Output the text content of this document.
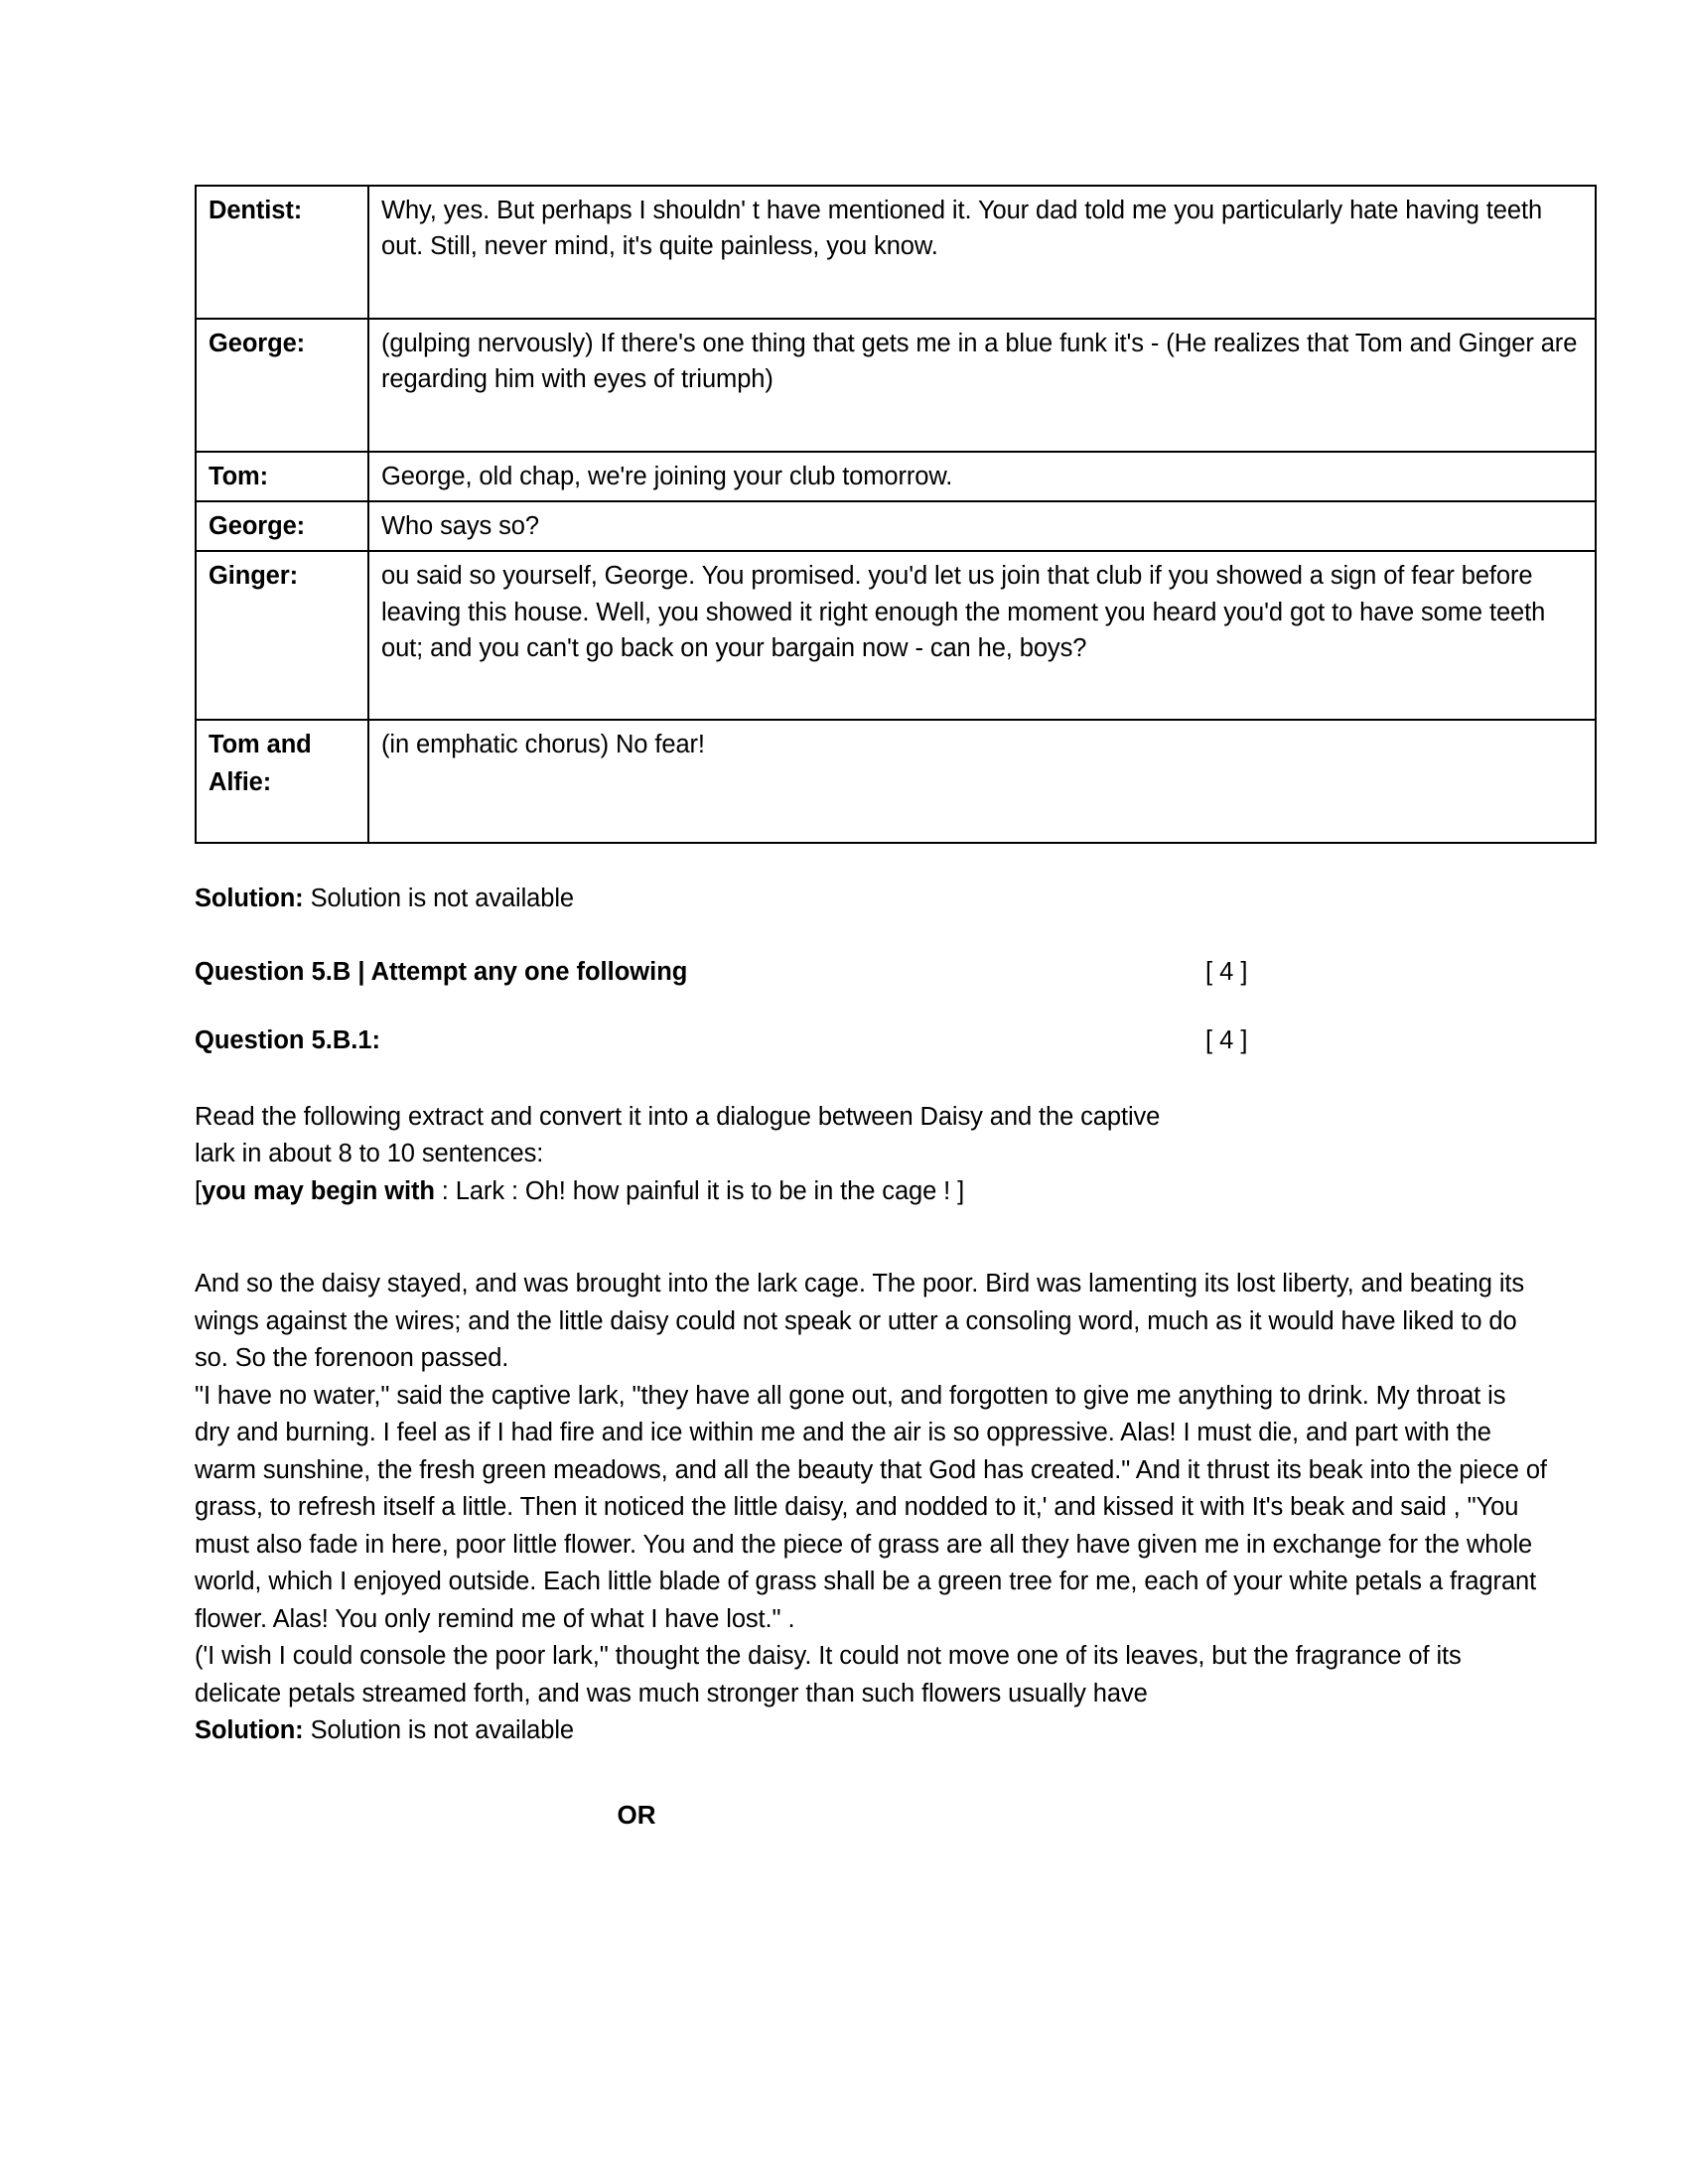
Dentist:	Why, yes. But perhaps I shouldn' t have mentioned it. Your dad told me you particularly hate having teeth out. Still, never mind, it's quite painless, you know.
George:	(gulping nervously) If there's one thing that gets me in a blue funk it's - (He realizes that Tom and Ginger are regarding him with eyes of triumph)
Tom:	George, old chap, we're joining your club tomorrow.
George:	Who says so?
Ginger:	ou said so yourself, George. You promised. you'd let us join that club if you showed a sign of fear before leaving this house. Well, you showed it right enough the moment you heard you'd got to have some teeth out; and you can't go back on your bargain now - can he, boys?
Tom and Alfie:	(in emphatic chorus) No fear!

Solution: Solution is not available

Question 5.B | Attempt any one following	[ 4 ]
Question 5.B.1:	[ 4 ]

Read the following extract and convert it into a dialogue between Daisy and the captive
lark in about 8 to 10 sentences:
[you may begin with : Lark : Oh! how painful it is to be in the cage ! ]

And so the daisy stayed, and was brought into the lark cage. The poor. Bird was lamenting its lost liberty, and beating its wings against the wires; and the little daisy could not speak or utter a consoling word, much as it would have liked to do so. So the forenoon passed.

"I have no water," said the captive lark, "they have all gone out, and forgotten to give me anything to drink. My throat is dry and burning. I feel as if I had fire and ice within me and the air is so oppressive. Alas! I must die, and part with the warm sunshine, the fresh green meadows, and all the beauty that God has created." And it thrust its beak into the piece of grass, to refresh itself a little. Then it noticed the little daisy, and nodded to it,' and kissed it with It's beak and said , "You must also fade in here, poor little flower. You and the piece of grass are all they have given me in exchange for the whole world, which I enjoyed outside. Each little blade of grass shall be a green tree for me, each of your white petals a fragrant flower. Alas! You only remind me of what I have lost." .

('I wish I could console the poor lark," thought the daisy. It could not move one of its leaves, but the fragrance of its delicate petals streamed forth, and was much stronger than such flowers usually have

Solution: Solution is not available

OR
